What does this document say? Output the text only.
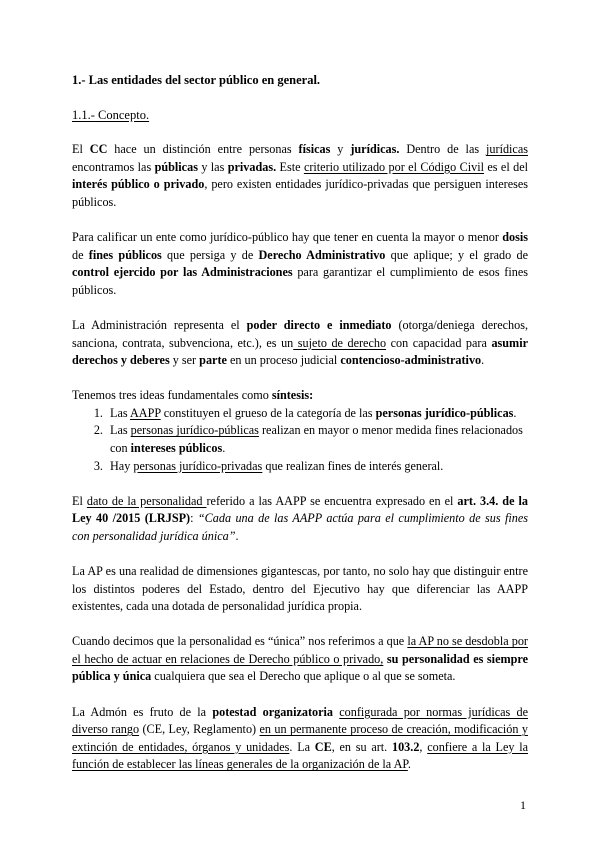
1.- Las entidades del sector público en general.
1.1.- Concepto.

El CC hace un distinción entre personas físicas y jurídicas. Dentro de las jurídicas encontramos las públicas y las privadas. Este criterio utilizado por el Código Civil es el del interés público o privado, pero existen entidades jurídico-privadas que persiguen intereses públicos.

Para calificar un ente como jurídico-público hay que tener en cuenta la mayor o menor dosis de fines públicos que persiga y de Derecho Administrativo que aplique; y el grado de control ejercido por las Administraciones para garantizar el cumplimiento de esos fines públicos.

La Administración representa el poder directo e inmediato (otorga/deniega derechos, sanciona, contrata, subvenciona, etc.), es un sujeto de derecho con capacidad para asumir derechos y deberes y ser parte en un proceso judicial contencioso-administrativo.

Tenemos tres ideas fundamentales como síntesis:

1. Las AAPP constituyen el grueso de la categoría de las personas jurídico-públicas.
2. Las personas jurídico-públicas realizan en mayor o menor medida fines relacionados con intereses públicos.
3. Hay personas jurídico-privadas que realizan fines de interés general.

El dato de la personalidad referido a las AAPP se encuentra expresado en el art. 3.4. de la Ley 40 /2015 (LRJSP): “Cada una de las AAPP actúa para el cumplimiento de sus fines con personalidad jurídica única”.

La AP es una realidad de dimensiones gigantescas, por tanto, no solo hay que distinguir entre los distintos poderes del Estado, dentro del Ejecutivo hay que diferenciar las AAPP existentes, cada una dotada de personalidad jurídica propia.

Cuando decimos que la personalidad es “única” nos referimos a que la AP no se desdobla por el hecho de actuar en relaciones de Derecho público o privado, su personalidad es siempre pública y única cualquiera que sea el Derecho que aplique o al que se someta.

La Admón es fruto de la potestad organizatoria configurada por normas jurídicas de diverso rango (CE, Ley, Reglamento) en un permanente proceso de creación, modificación y extinción de entidades, órganos y unidades. La CE, en su art. 103.2, confiere a la Ley la función de establecer las líneas generales de la organización de la AP.

1
